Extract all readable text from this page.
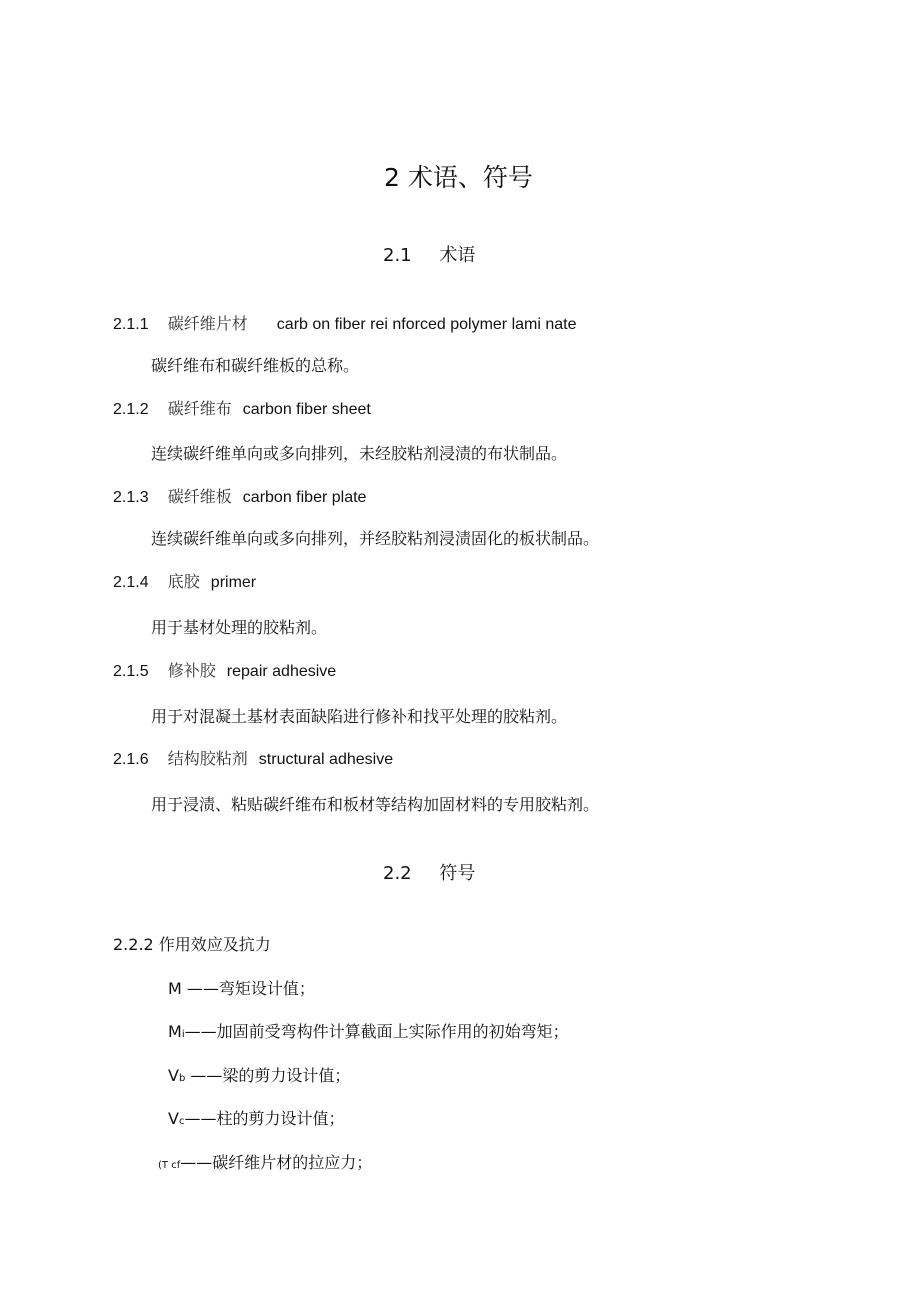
2 术语、符号
2.1 术语
2.1.1 碳纤维片材 carb on fiber rei nforced polymer lami nate
碳纤维布和碳纤维板的总称。
2.1.2 碳纤维布 carbon fiber sheet
连续碳纤维单向或多向排列，未经胶粘剂浸渍的布状制品。
2.1.3 碳纤维板 carbon fiber plate
连续碳纤维单向或多向排列，并经胶粘剂浸渍固化的板状制品。
2.1.4 底胶 primer
用于基材处理的胶粘剂。
2.1.5 修补胶 repair adhesive
用于对混凝土基材表面缺陷进行修补和找平处理的胶粘剂。
2.1.6 结构胶粘剂 structural adhesive
用于浸渍、粘贴碳纤维布和板材等结构加固材料的专用胶粘剂。
2.2 符号
2.2.2 作用效应及抗力
M ——弯矩设计值；
Mi——加固前受弯构件计算截面上实际作用的初始弯矩；
Vb ——梁的剪力设计值；
Vc——柱的剪力设计值；
(T cf——碳纤维片材的拉应力；
